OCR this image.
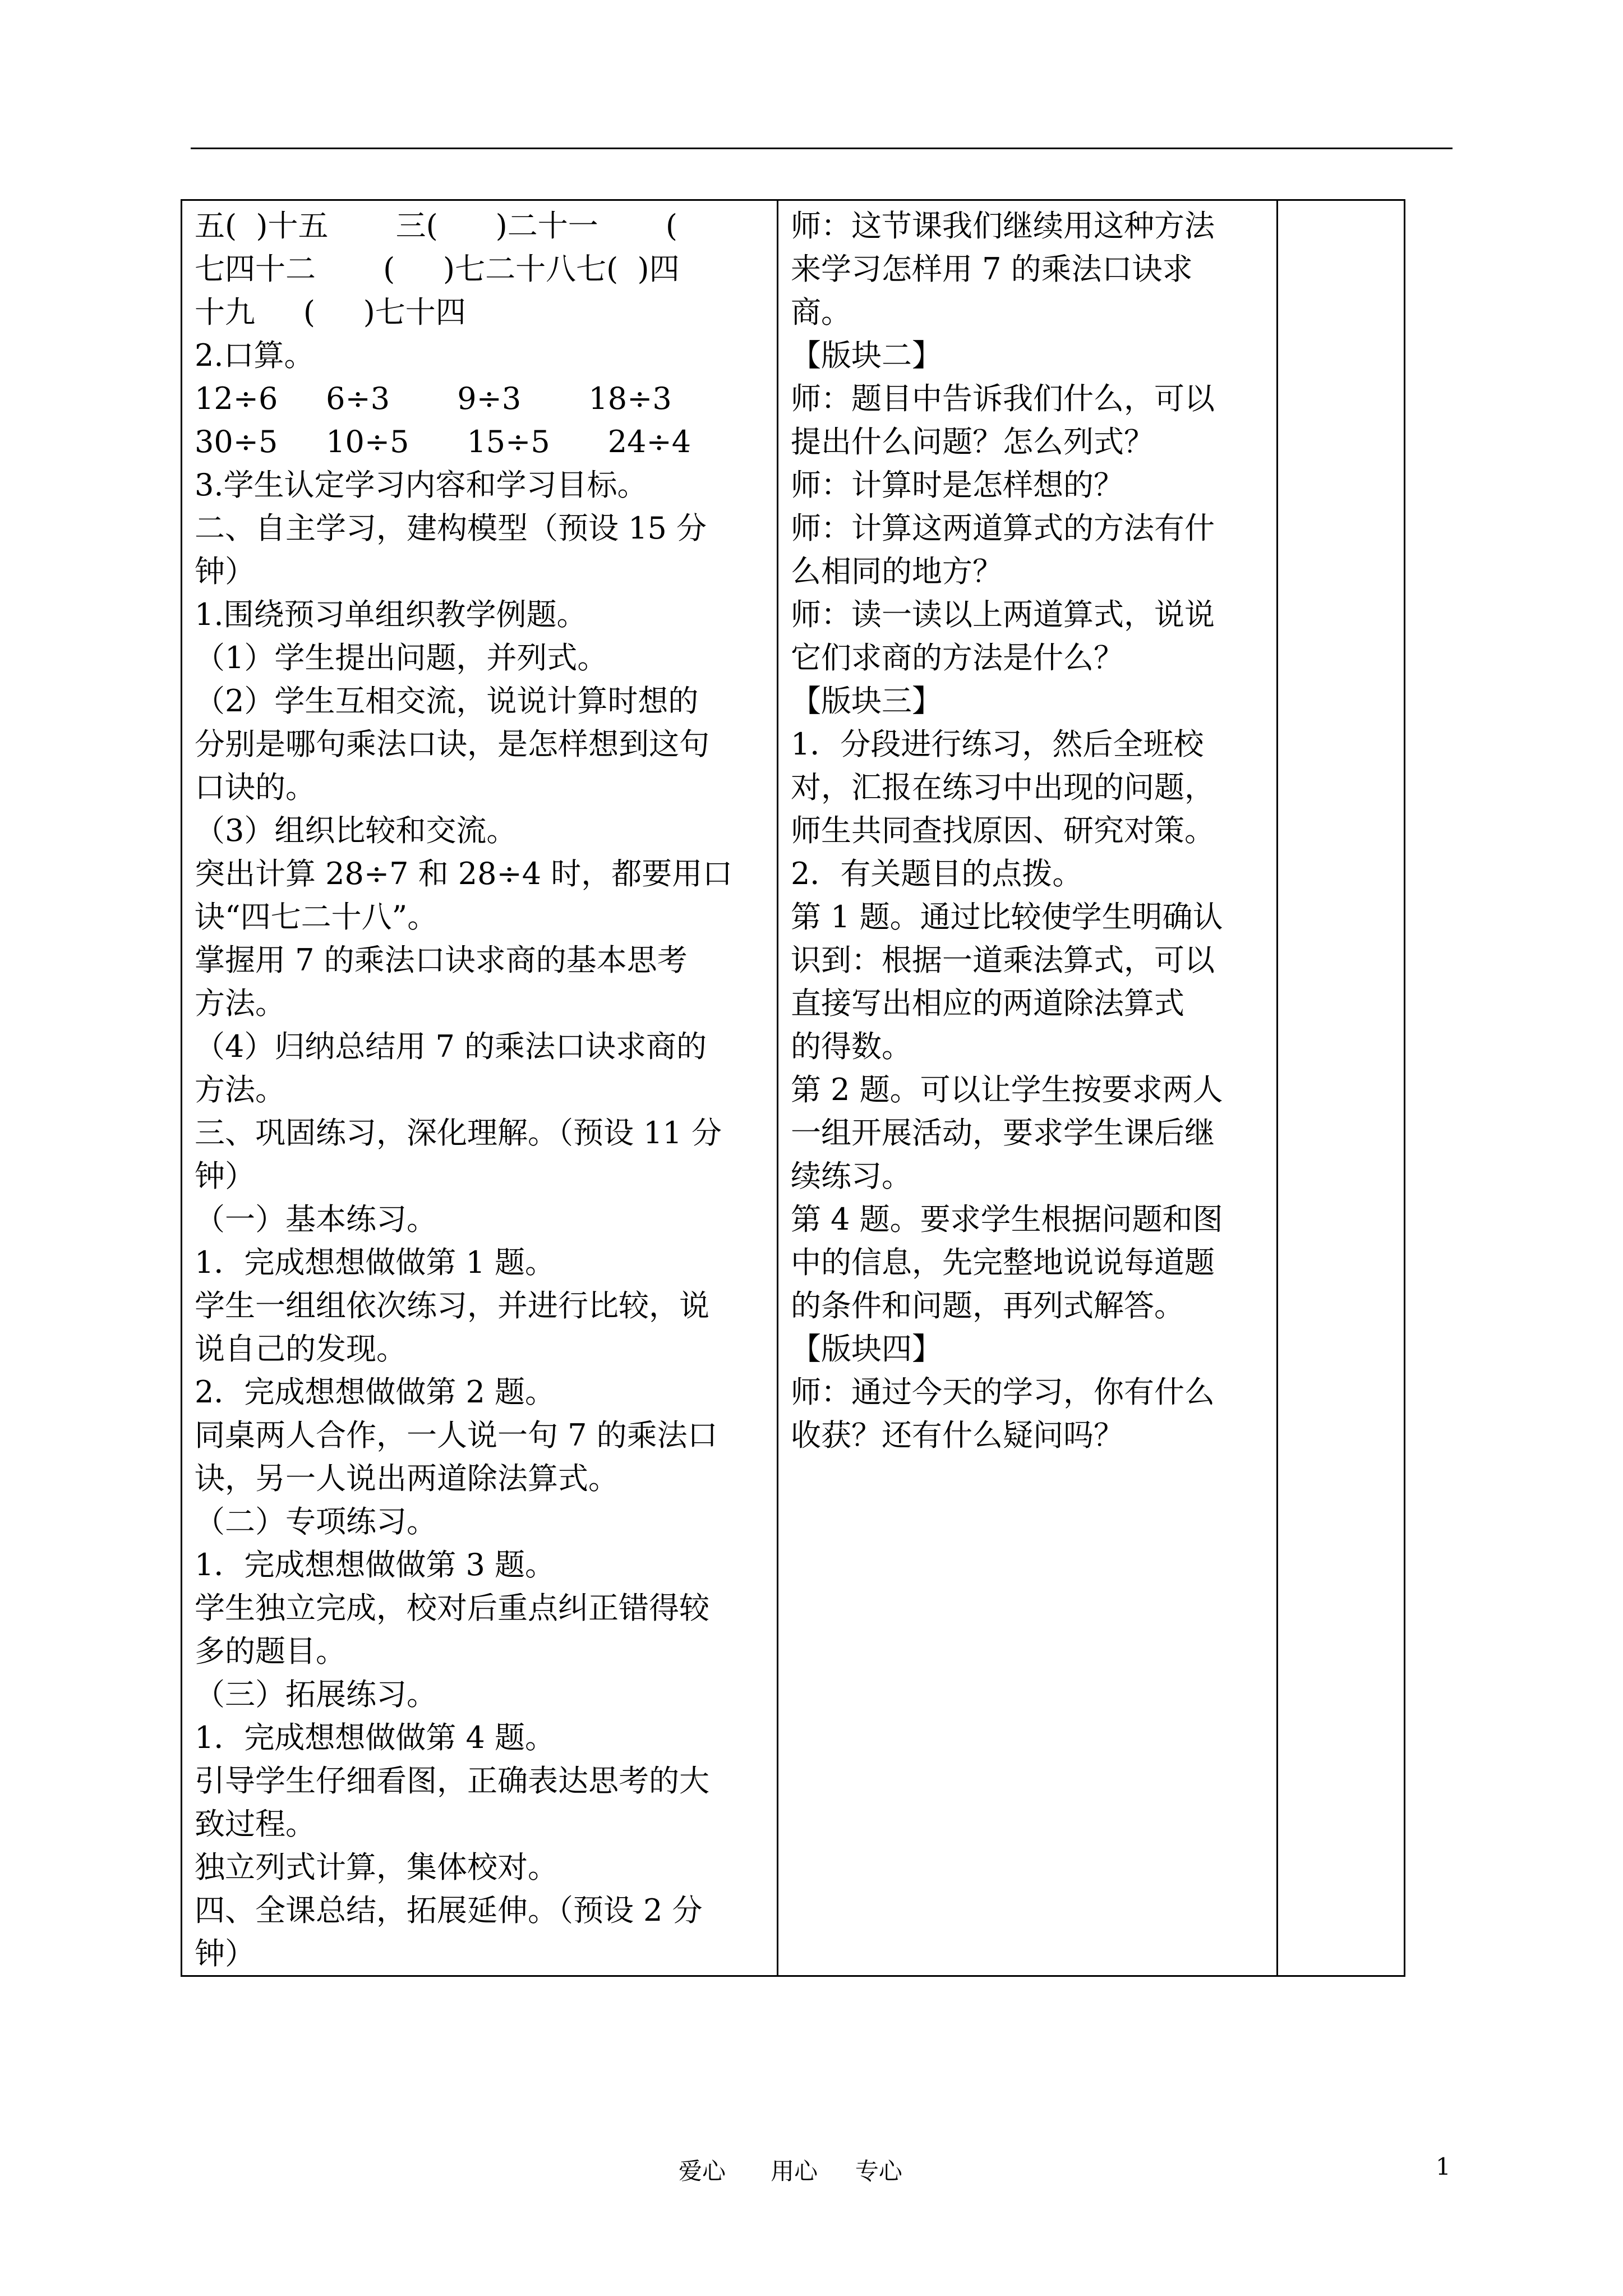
五(  )十五       三(      )二十一       (
七四十二       (     )七二十八七(  )四
十九     (     )七十四
2.口算。
12÷6     6÷3       9÷3       18÷3
30÷5     10÷5      15÷5      24÷4
3.学生认定学习内容和学习目标。
二、自主学习，建构模型（预设 15 分
钟）
1.围绕预习单组织教学例题。
（1）学生提出问题，并列式。
（2）学生互相交流，说说计算时想的
分别是哪句乘法口诀，是怎样想到这句
口诀的。
（3）组织比较和交流。
突出计算 28÷7 和 28÷4 时，都要用口
诀“四七二十八”。
掌握用 7 的乘法口诀求商的基本思考
方法。
（4）归纳总结用 7 的乘法口诀求商的
方法。
三、巩固练习，深化理解。（预设 11 分
钟）
（一）基本练习。
1．完成想想做做第 1 题。
学生一组组依次练习，并进行比较，说
说自己的发现。
2．完成想想做做第 2 题。
同桌两人合作，一人说一句 7 的乘法口
诀，另一人说出两道除法算式。
（二）专项练习。
1．完成想想做做第 3 题。
学生独立完成，校对后重点纠正错得较
多的题目。
（三）拓展练习。
1．完成想想做做第 4 题。
引导学生仔细看图，正确表达思考的大
致过程。
独立列式计算，集体校对。
四、全课总结，拓展延伸。（预设 2 分
钟）

师：这节课我们继续用这种方法
来学习怎样用 7 的乘法口诀求
商。
【版块二】
师：题目中告诉我们什么，可以
提出什么问题？怎么列式？
师：计算时是怎样想的？
师：计算这两道算式的方法有什
么相同的地方？
师：读一读以上两道算式，说说
它们求商的方法是什么？
【版块三】
1．分段进行练习，然后全班校
对，汇报在练习中出现的问题，
师生共同查找原因、研究对策。
2．有关题目的点拨。
第 1 题。通过比较使学生明确认
识到：根据一道乘法算式，可以
直接写出相应的两道除法算式
的得数。
第 2 题。可以让学生按要求两人
一组开展活动，要求学生课后继
续练习。
第 4 题。要求学生根据问题和图
中的信息，先完整地说说每道题
的条件和问题，再列式解答。
【版块四】
师：通过今天的学习，你有什么
收获？还有什么疑问吗？

爱心      用心     专心	1
